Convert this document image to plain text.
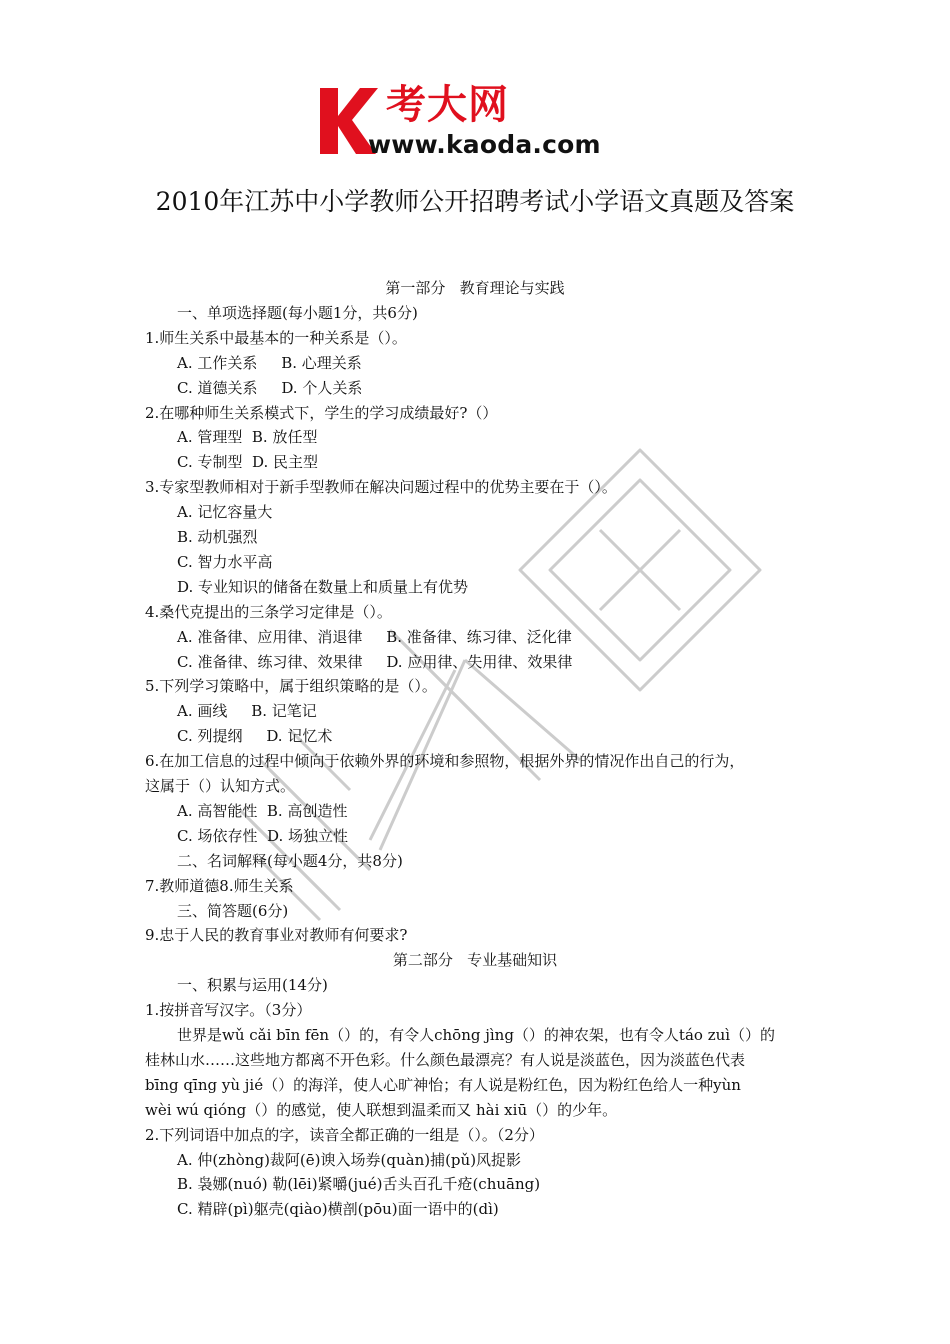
考大网
www.kaoda.com
2010年江苏中小学教师公开招聘考试小学语文真题及答案
第一部分   教育理论与实践
一、单项选择题(每小题1分，共6分)
1.师生关系中最基本的一种关系是（）。
A. 工作关系     B. 心理关系
C. 道德关系     D. 个人关系
2.在哪种师生关系模式下，学生的学习成绩最好?（）
A. 管理型  B. 放任型
C. 专制型  D. 民主型
3.专家型教师相对于新手型教师在解决问题过程中的优势主要在于（）。
A. 记忆容量大
B. 动机强烈
C. 智力水平高
D. 专业知识的储备在数量上和质量上有优势
4.桑代克提出的三条学习定律是（）。
A. 准备律、应用律、消退律     B. 准备律、练习律、泛化律
C. 准备律、练习律、效果律     D. 应用律、失用律、效果律
5.下列学习策略中，属于组织策略的是（）。
A. 画线     B. 记笔记
C. 列提纲     D. 记忆术
6.在加工信息的过程中倾向于依赖外界的环境和参照物，根据外界的情况作出自己的行为，
这属于（）认知方式。
A. 高智能性  B. 高创造性
C. 场依存性  D. 场独立性
二、名词解释(每小题4分，共8分)
7.教师道德8.师生关系
三、简答题(6分)
9.忠于人民的教育事业对教师有何要求?
第二部分   专业基础知识
一、积累与运用(14分)
1.按拼音写汉字。（3分）
世界是wǔ cǎi bīn fēn（）的，有令人chōng jìng（）的神农架，也有令人táo zuì（）的
桂林山水……这些地方都离不开色彩。什么颜色最漂亮？有人说是淡蓝色，因为淡蓝色代表
bīng qīng yù jié（）的海洋，使人心旷神怡；有人说是粉红色，因为粉红色给人一种yùn
wèi wú qióng（）的感觉，使人联想到温柔而又 hài xiū（）的少年。
2.下列词语中加点的字，读音全都正确的一组是（）。（2分）
A. 仲(zhòng)裁阿(ē)谀入场券(quàn)捕(pǔ)风捉影
B. 袅娜(nuó) 勒(lēi)紧嚼(jué)舌头百孔千疮(chuāng)
C. 精辟(pì)躯壳(qiào)横剖(pōu)面一语中的(dì)
